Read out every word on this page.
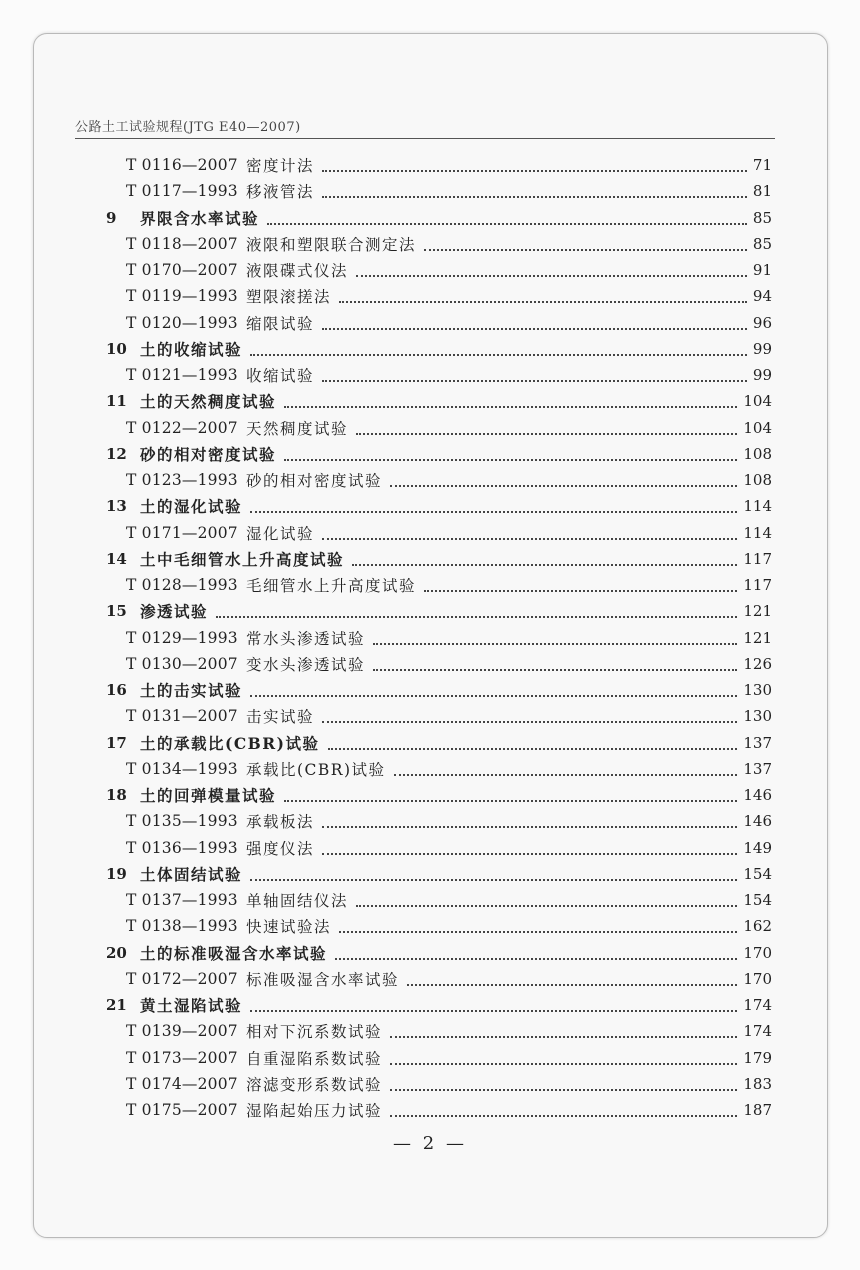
公路土工试验规程(JTG E40—2007)
T 0116—2007 密度计法	71
T 0117—1993 移液管法	81
9 界限含水率试验	85
T 0118—2007 液限和塑限联合测定法	85
T 0170—2007 液限碟式仪法	91
T 0119—1993 塑限滚搓法	94
T 0120—1993 缩限试验	96
10 土的收缩试验	99
T 0121—1993 收缩试验	99
11 土的天然稠度试验	104
T 0122—2007 天然稠度试验	104
12 砂的相对密度试验	108
T 0123—1993 砂的相对密度试验	108
13 土的湿化试验	114
T 0171—2007 湿化试验	114
14 土中毛细管水上升高度试验	117
T 0128—1993 毛细管水上升高度试验	117
15 渗透试验	121
T 0129—1993 常水头渗透试验	121
T 0130—2007 变水头渗透试验	126
16 土的击实试验	130
T 0131—2007 击实试验	130
17 土的承载比(CBR)试验	137
T 0134—1993 承载比(CBR)试验	137
18 土的回弹模量试验	146
T 0135—1993 承载板法	146
T 0136—1993 强度仪法	149
19 土体固结试验	154
T 0137—1993 单轴固结仪法	154
T 0138—1993 快速试验法	162
20 土的标准吸湿含水率试验	170
T 0172—2007 标准吸湿含水率试验	170
21 黄土湿陷试验	174
T 0139—2007 相对下沉系数试验	174
T 0173—2007 自重湿陷系数试验	179
T 0174—2007 溶滤变形系数试验	183
T 0175—2007 湿陷起始压力试验	187
— 2 —
